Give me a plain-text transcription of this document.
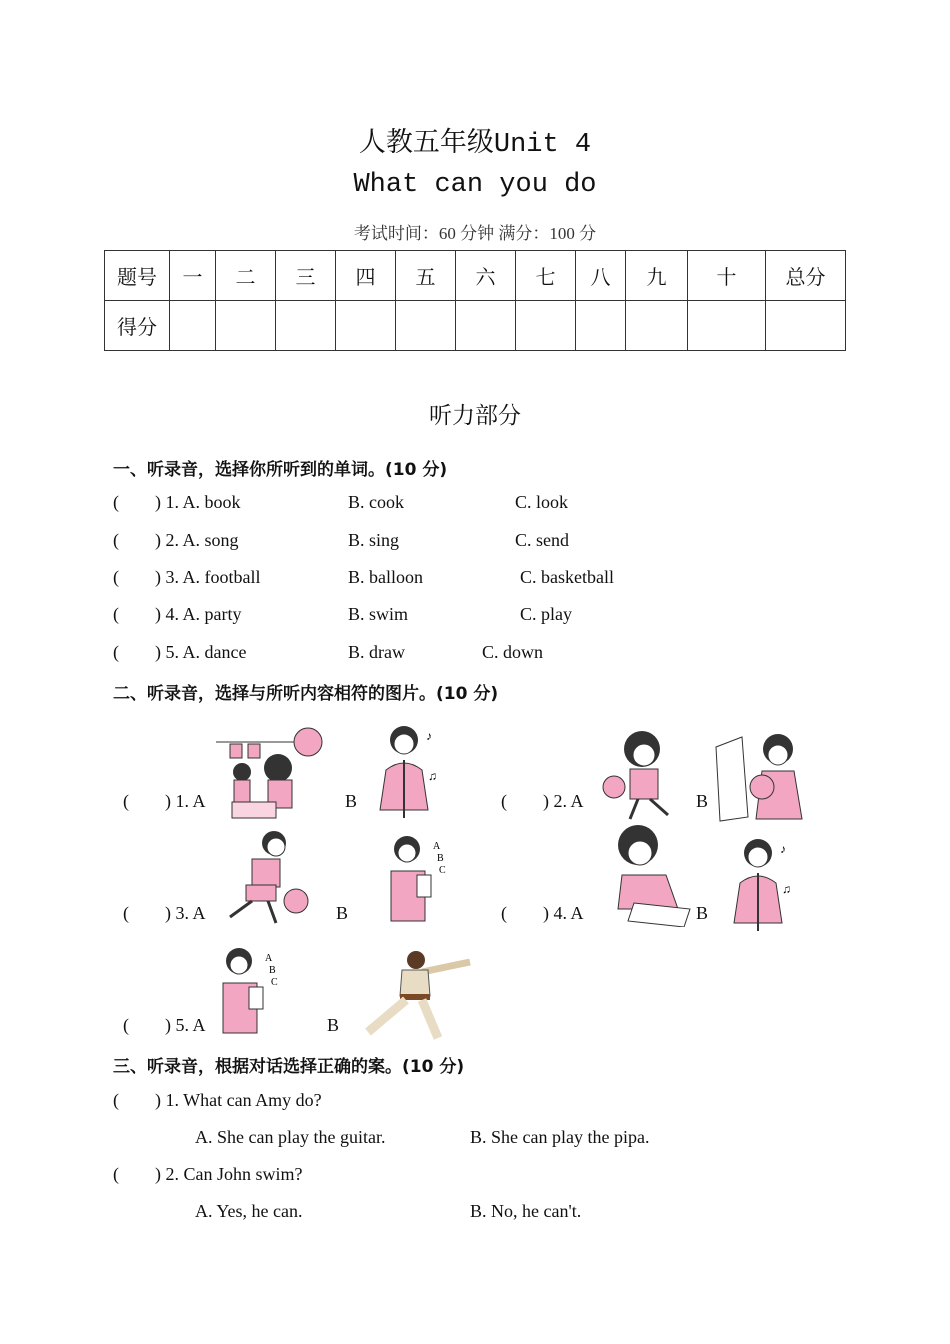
人教五年级Unit 4
What can you do
考试时间：60 分钟 满分：100 分
题号	一	二	三	四	五	六	七	八	九	十	总分
得分											
听力部分
一、听录音，选择你所听到的单词。(10 分)
( ) 1. A. book	B. cook	C. look
( ) 2. A. song	B. sing	C. send
( ) 3. A. football	B. balloon	C. basketball
( ) 4. A. party	B. swim	C. play
( ) 5. A. dance	B. draw	C. down
二、听录音，选择与所听内容相符的图片。(10 分)
( ) 1. A	B
♪
♫
( ) 2. A	B
( ) 3. A	B
A
B
C
( ) 4. A	B
♪
♫
( ) 5. A
A
B
C
B
三、听录音，根据对话选择正确的案。(10 分)
( ) 1. What can Amy do?
A. She can play the guitar.	B. She can play the pipa.
( ) 2. Can John swim?
A. Yes, he can.	B. No, he can't.
